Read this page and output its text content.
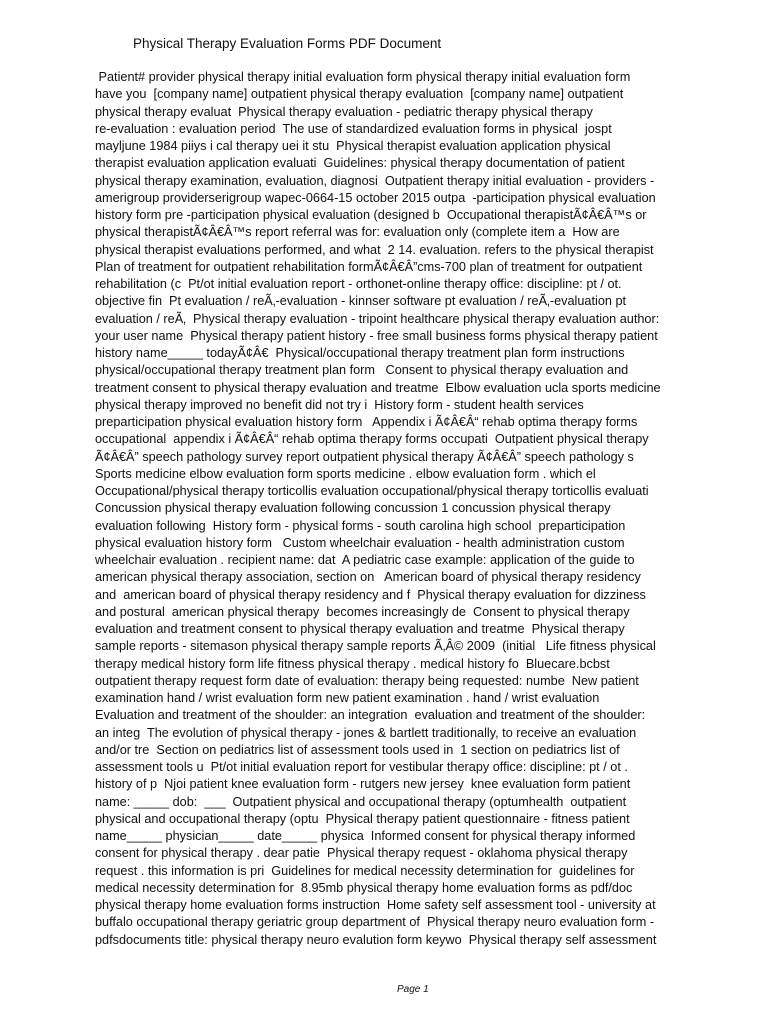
Physical Therapy Evaluation Forms PDF Document
Patient# provider physical therapy initial evaluation form physical therapy initial evaluation form
have you  [company name] outpatient physical therapy evaluation  [company name] outpatient
physical therapy evaluat  Physical therapy evaluation - pediatric therapy physical therapy
re-evaluation : evaluation period  The use of standardized evaluation forms in physical  jospt
mayljune 1984 piiys i cal therapy uei it stu  Physical therapist evaluation application physical
therapist evaluation application evaluati  Guidelines: physical therapy documentation of patient
physical therapy examination, evaluation, diagnosi  Outpatient therapy initial evaluation - providers -
amerigroup providerserigroup wapec-0664-15 october 2015 outpa  -participation physical evaluation
history form pre -participation physical evaluation (designed b  Occupational therapistÃ¢Â€Â™s or
physical therapistÃ¢Â€Â™s report referral was for: evaluation only (complete item a  How are
physical therapist evaluations performed, and what  2 14. evaluation. refers to the physical therapist
Plan of treatment for outpatient rehabilitation formÃ¢Â€Â”cms-700 plan of treatment for outpatient
rehabilitation (c  Pt/ot initial evaluation report - orthonet-online therapy office: discipline: pt / ot.
objective fin  Pt evaluation / reÃ‚-evaluation - kinnser software pt evaluation / reÃ‚-evaluation pt
evaluation / reÃ‚  Physical therapy evaluation - tripoint healthcare physical therapy evaluation author:
your user name  Physical therapy patient history - free small business forms physical therapy patient
history name_____ todayÃ¢Â€  Physical/occupational therapy treatment plan form instructions
physical/occupational therapy treatment plan form   Consent to physical therapy evaluation and
treatment consent to physical therapy evaluation and treatme  Elbow evaluation ucla sports medicine
physical therapy improved no benefit did not try i  History form - student health services
preparticipation physical evaluation history form   Appendix i Ã¢Â€Â“ rehab optima therapy forms
occupational  appendix i Ã¢Â€Â“ rehab optima therapy forms occupati  Outpatient physical therapy
Ã¢Â€Â” speech pathology survey report outpatient physical therapy Ã¢Â€Â” speech pathology s
Sports medicine elbow evaluation form sports medicine . elbow evaluation form . which el
Occupational/physical therapy torticollis evaluation occupational/physical therapy torticollis evaluati
Concussion physical therapy evaluation following concussion 1 concussion physical therapy
evaluation following  History form - physical forms - south carolina high school  preparticipation
physical evaluation history form   Custom wheelchair evaluation - health administration custom
wheelchair evaluation . recipient name: dat  A pediatric case example: application of the guide to
american physical therapy association, section on   American board of physical therapy residency
and  american board of physical therapy residency and f  Physical therapy evaluation for dizziness
and postural  american physical therapy  becomes increasingly de  Consent to physical therapy
evaluation and treatment consent to physical therapy evaluation and treatme  Physical therapy
sample reports - sitemason physical therapy sample reports Ã‚Â© 2009  (initial   Life fitness physical
therapy medical history form life fitness physical therapy . medical history fo  Bluecare.bcbst
outpatient therapy request form date of evaluation: therapy being requested: numbe  New patient
examination hand / wrist evaluation form new patient examination . hand / wrist evaluation
Evaluation and treatment of the shoulder: an integration  evaluation and treatment of the shoulder:
an integ  The evolution of physical therapy - jones & bartlett traditionally, to receive an evaluation
and/or tre  Section on pediatrics list of assessment tools used in  1 section on pediatrics list of
assessment tools u  Pt/ot initial evaluation report for vestibular therapy office: discipline: pt / ot .
history of p  Njoi patient knee evaluation form - rutgers new jersey  knee evaluation form patient
name: _____ dob:  ___  Outpatient physical and occupational therapy (optumhealth  outpatient
physical and occupational therapy (optu  Physical therapy patient questionnaire - fitness patient
name_____ physician_____ date_____ physica  Informed consent for physical therapy informed
consent for physical therapy . dear patie  Physical therapy request - oklahoma physical therapy
request . this information is pri  Guidelines for medical necessity determination for  guidelines for
medical necessity determination for  8.95mb physical therapy home evaluation forms as pdf/doc
physical therapy home evaluation forms instruction  Home safety self assessment tool - university at
buffalo occupational therapy geriatric group department of  Physical therapy neuro evaluation form -
pdfsdocuments title: physical therapy neuro evalution form keywo  Physical therapy self assessment
Page 1
